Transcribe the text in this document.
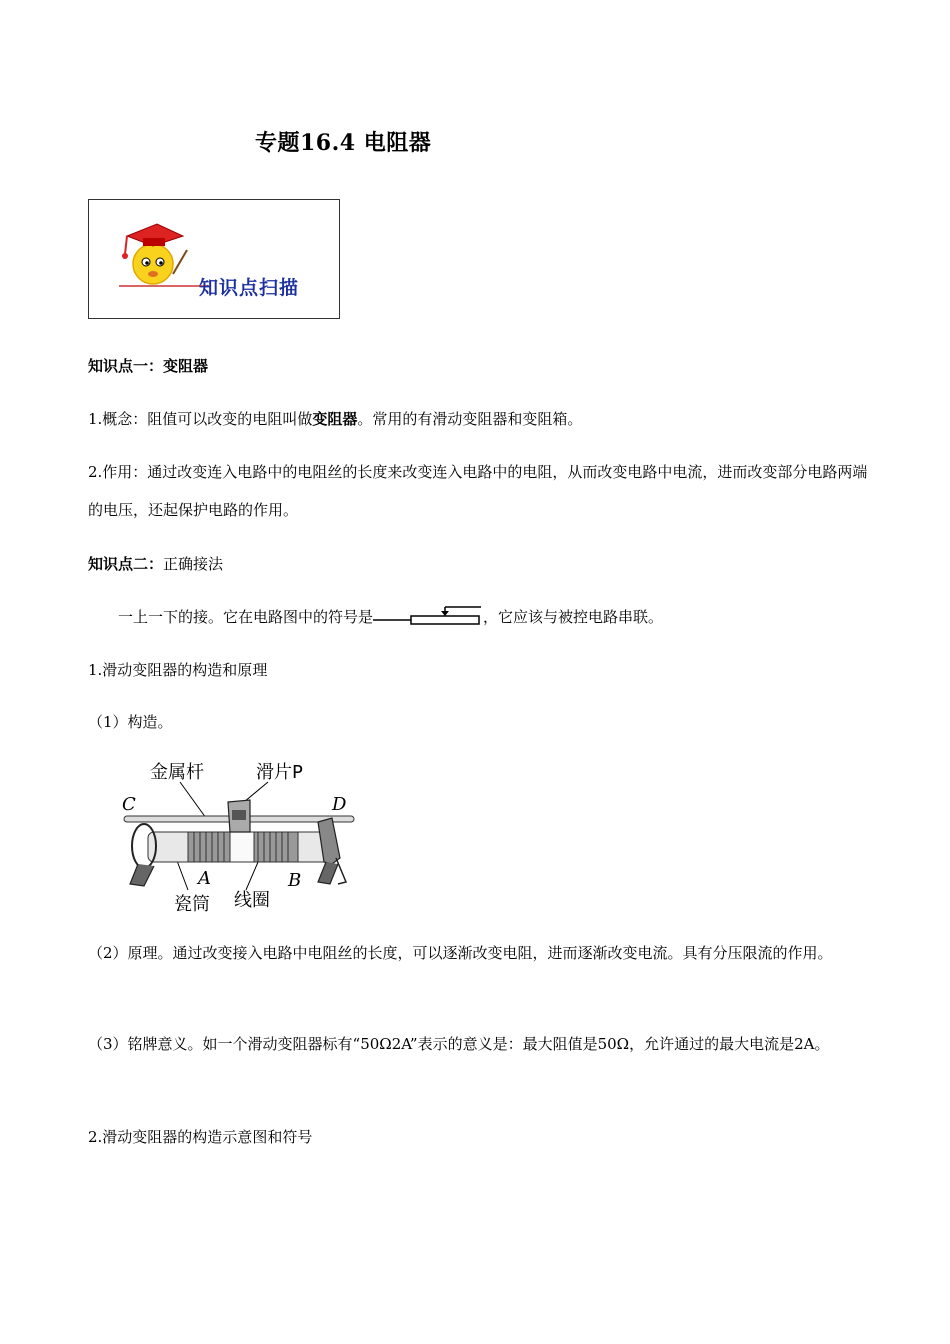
专题16.4 电阻器
知识点扫描
知识点一：变阻器
1.概念：阻值可以改变的电阻叫做变阻器。常用的有滑动变阻器和变阻箱。
2.作用：通过改变连入电路中的电阻丝的长度来改变连入电路中的电阻，从而改变电路中电流，进而改变部分电路两端的电压，还起保护电路的作用。
知识点二：正确接法
一上一下的接。它在电路图中的符号是	，它应该与被控电路串联。
1.滑动变阻器的构造和原理
（1）构造。
金属杆	滑片P
C	D
A	B
瓷筒 线圈
（2）原理。通过改变接入电路中电阻丝的长度，可以逐渐改变电阻，进而逐渐改变电流。具有分压限流的作用。
（3）铭牌意义。如一个滑动变阻器标有“50Ω2A”表示的意义是：最大阻值是50Ω，允许通过的最大电流是2A。
2.滑动变阻器的构造示意图和符号
